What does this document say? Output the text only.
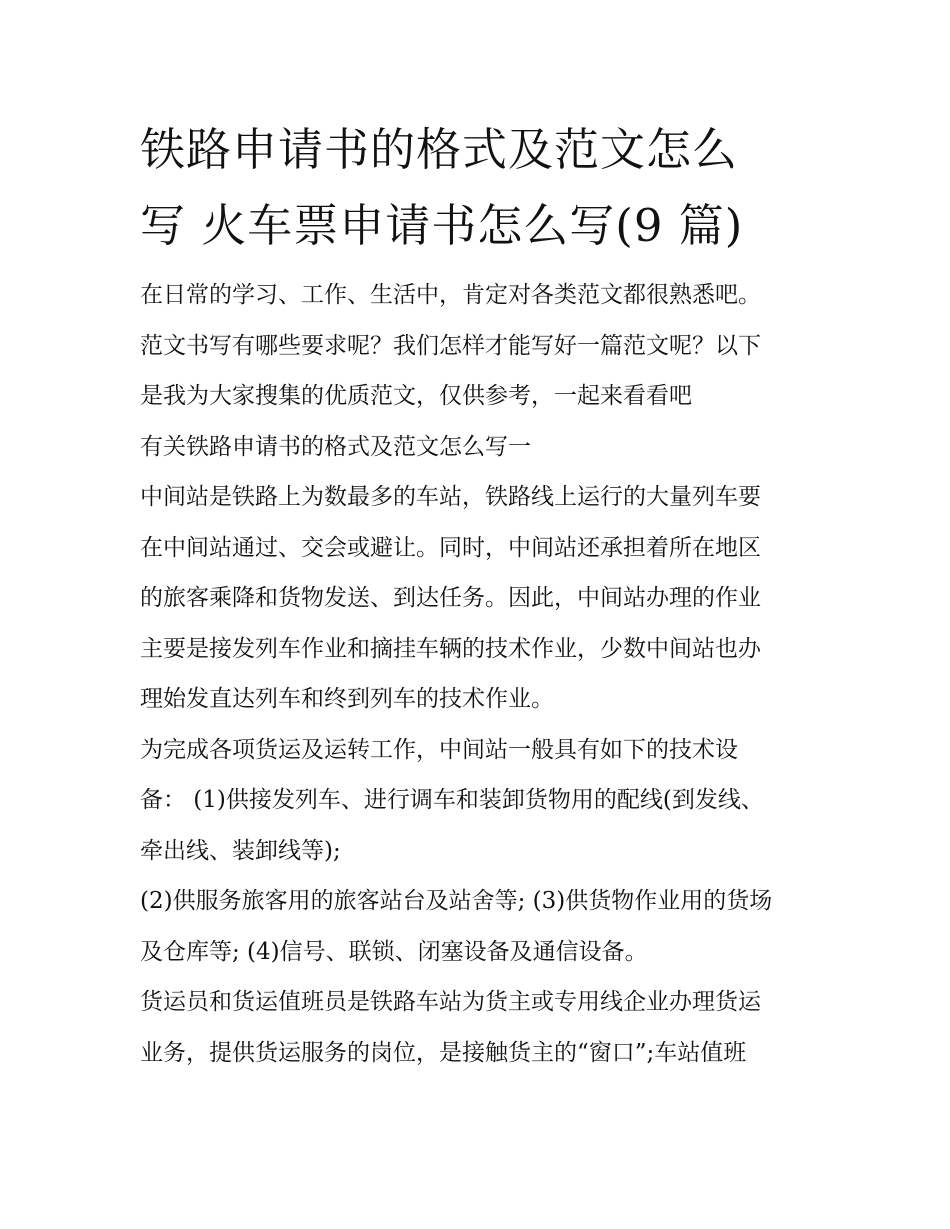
铁路申请书的格式及范文怎么
写 火车票申请书怎么写(9 篇)

在日常的学习、工作、生活中，肯定对各类范文都很熟悉吧。
范文书写有哪些要求呢？我们怎样才能写好一篇范文呢？以下
是我为大家搜集的优质范文，仅供参考，一起来看看吧

有关铁路申请书的格式及范文怎么写一

中间站是铁路上为数最多的车站，铁路线上运行的大量列车要
在中间站通过、交会或避让。同时，中间站还承担着所在地区
的旅客乘降和货物发送、到达任务。因此，中间站办理的作业
主要是接发列车作业和摘挂车辆的技术作业，少数中间站也办
理始发直达列车和终到列车的技术作业。

为完成各项货运及运转工作，中间站一般具有如下的技术设
备： (1)供接发列车、进行调车和装卸货物用的配线(到发线、
牵出线、装卸线等);

(2)供服务旅客用的旅客站台及站舍等; (3)供货物作业用的货场
及仓库等; (4)信号、联锁、闭塞设备及通信设备。

货运员和货运值班员是铁路车站为货主或专用线企业办理货运
业务，提供货运服务的岗位，是接触货主的“窗口”;车站值班
